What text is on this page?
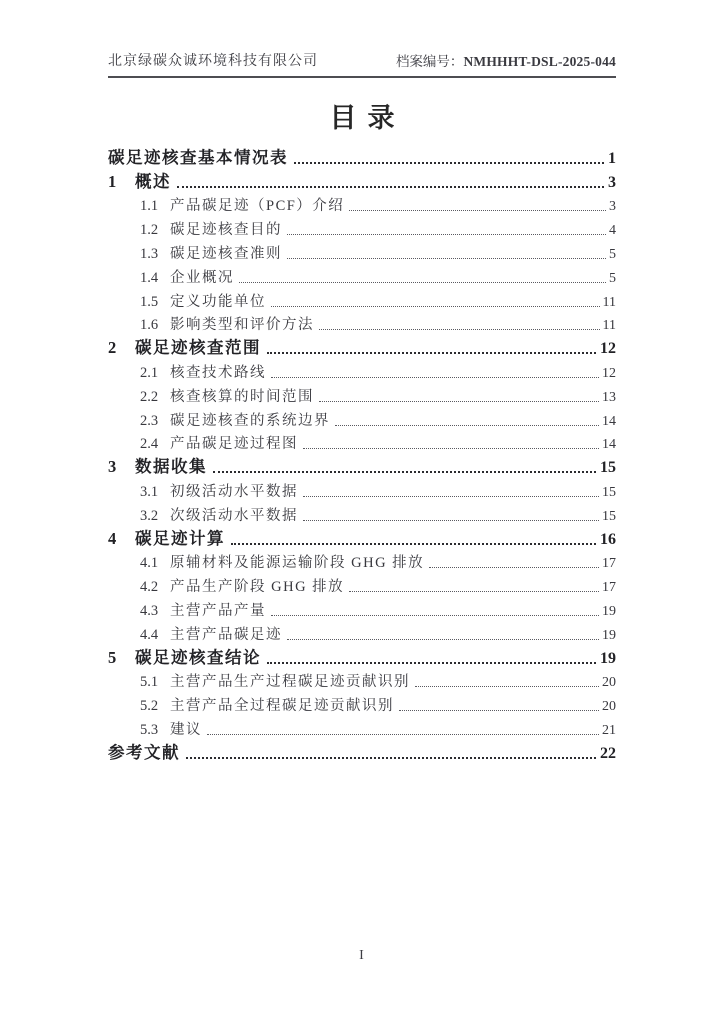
北京绿碳众诚环境科技有限公司	档案编号：NMHHHT-DSL-2025-044
目录
碳足迹核查基本情况表	1
1	概述	3
1.1 产品碳足迹（PCF）介绍	3
1.2 碳足迹核查目的	4
1.3 碳足迹核查准则	5
1.4 企业概况	5
1.5 定义功能单位	11
1.6 影响类型和评价方法	11
2	碳足迹核查范围	12
2.1 核查技术路线	12
2.2 核查核算的时间范围	13
2.3 碳足迹核查的系统边界	14
2.4 产品碳足迹过程图	14
3	数据收集	15
3.1 初级活动水平数据	15
3.2 次级活动水平数据	15
4	碳足迹计算	16
4.1 原辅材料及能源运输阶段 GHG 排放	17
4.2 产品生产阶段 GHG 排放	17
4.3 主营产品产量	19
4.4 主营产品碳足迹	19
5	碳足迹核查结论	19
5.1 主营产品生产过程碳足迹贡献识别	20
5.2 主营产品全过程碳足迹贡献识别	20
5.3 建议	21
参考文献	22
I
